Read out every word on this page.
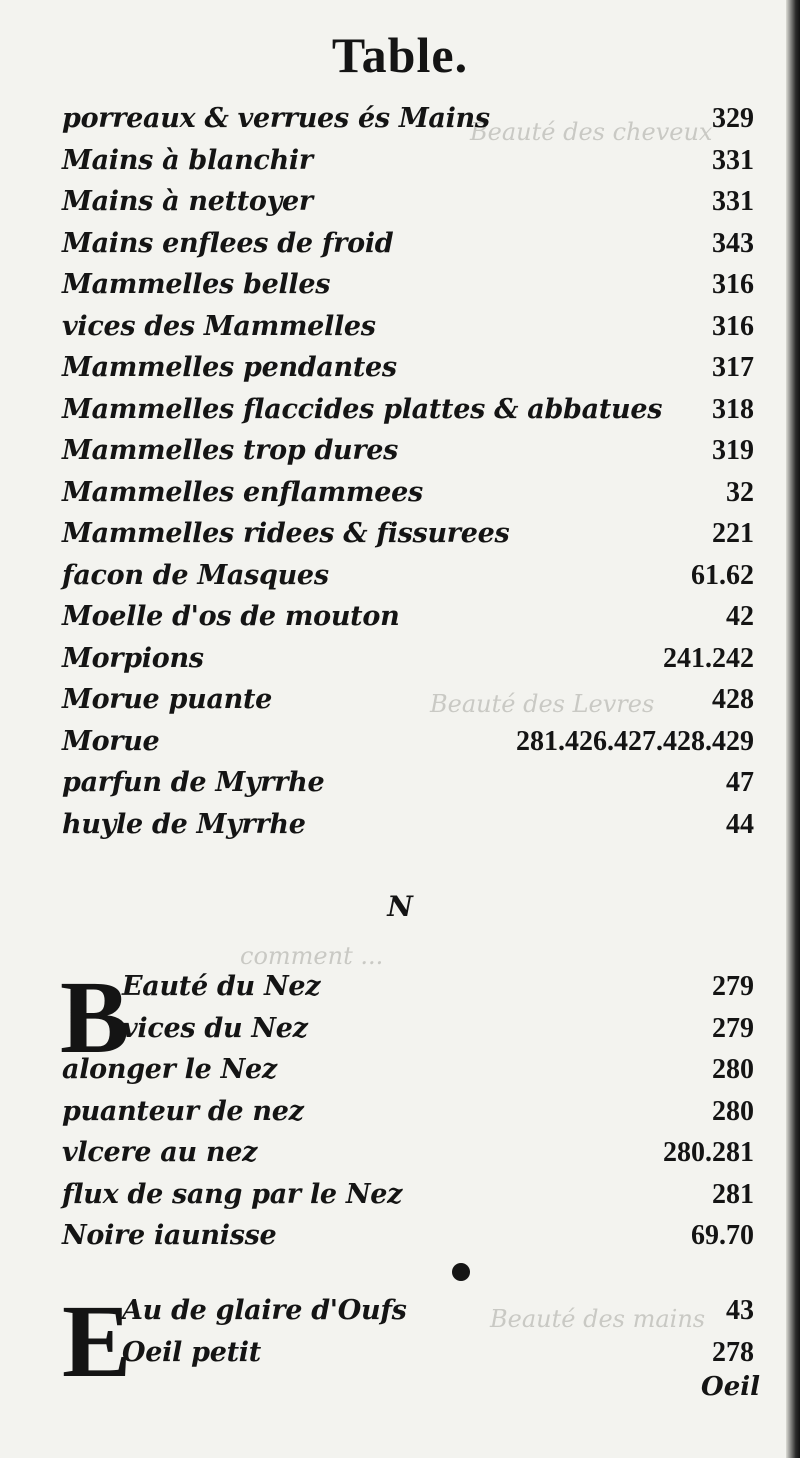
Beauté des cheveux
Beauté des Levres
comment ...
Beauté des mains
Table.
porreaux & verrues és Mains	329
Mains à blanchir	331
Mains à nettoyer	331
Mains enflees de froid	343
Mammelles belles	316
vices des Mammelles	316
Mammelles pendantes	317
Mammelles flaccides plattes & abbatues 318
Mammelles trop dures	319
Mammelles enflammees	32
Mammelles ridees & fissurees	221
facon de Masques	61.62
Moelle d'os de mouton	42
Morpions	241.242
Morue puante	428
Morue	281.426.427.428.429
parfun de Myrrhe	47
huyle de Myrrhe	44
N
B
Eauté du Nez	279
vices du Nez	279
alonger le Nez	280
puanteur de nez	280
vlcere au nez	280.281
flux de sang par le Nez	281
Noire iaunisse	69.70
E
Au de glaire d'Oufs	43
Oeil petit	278
Oeil
